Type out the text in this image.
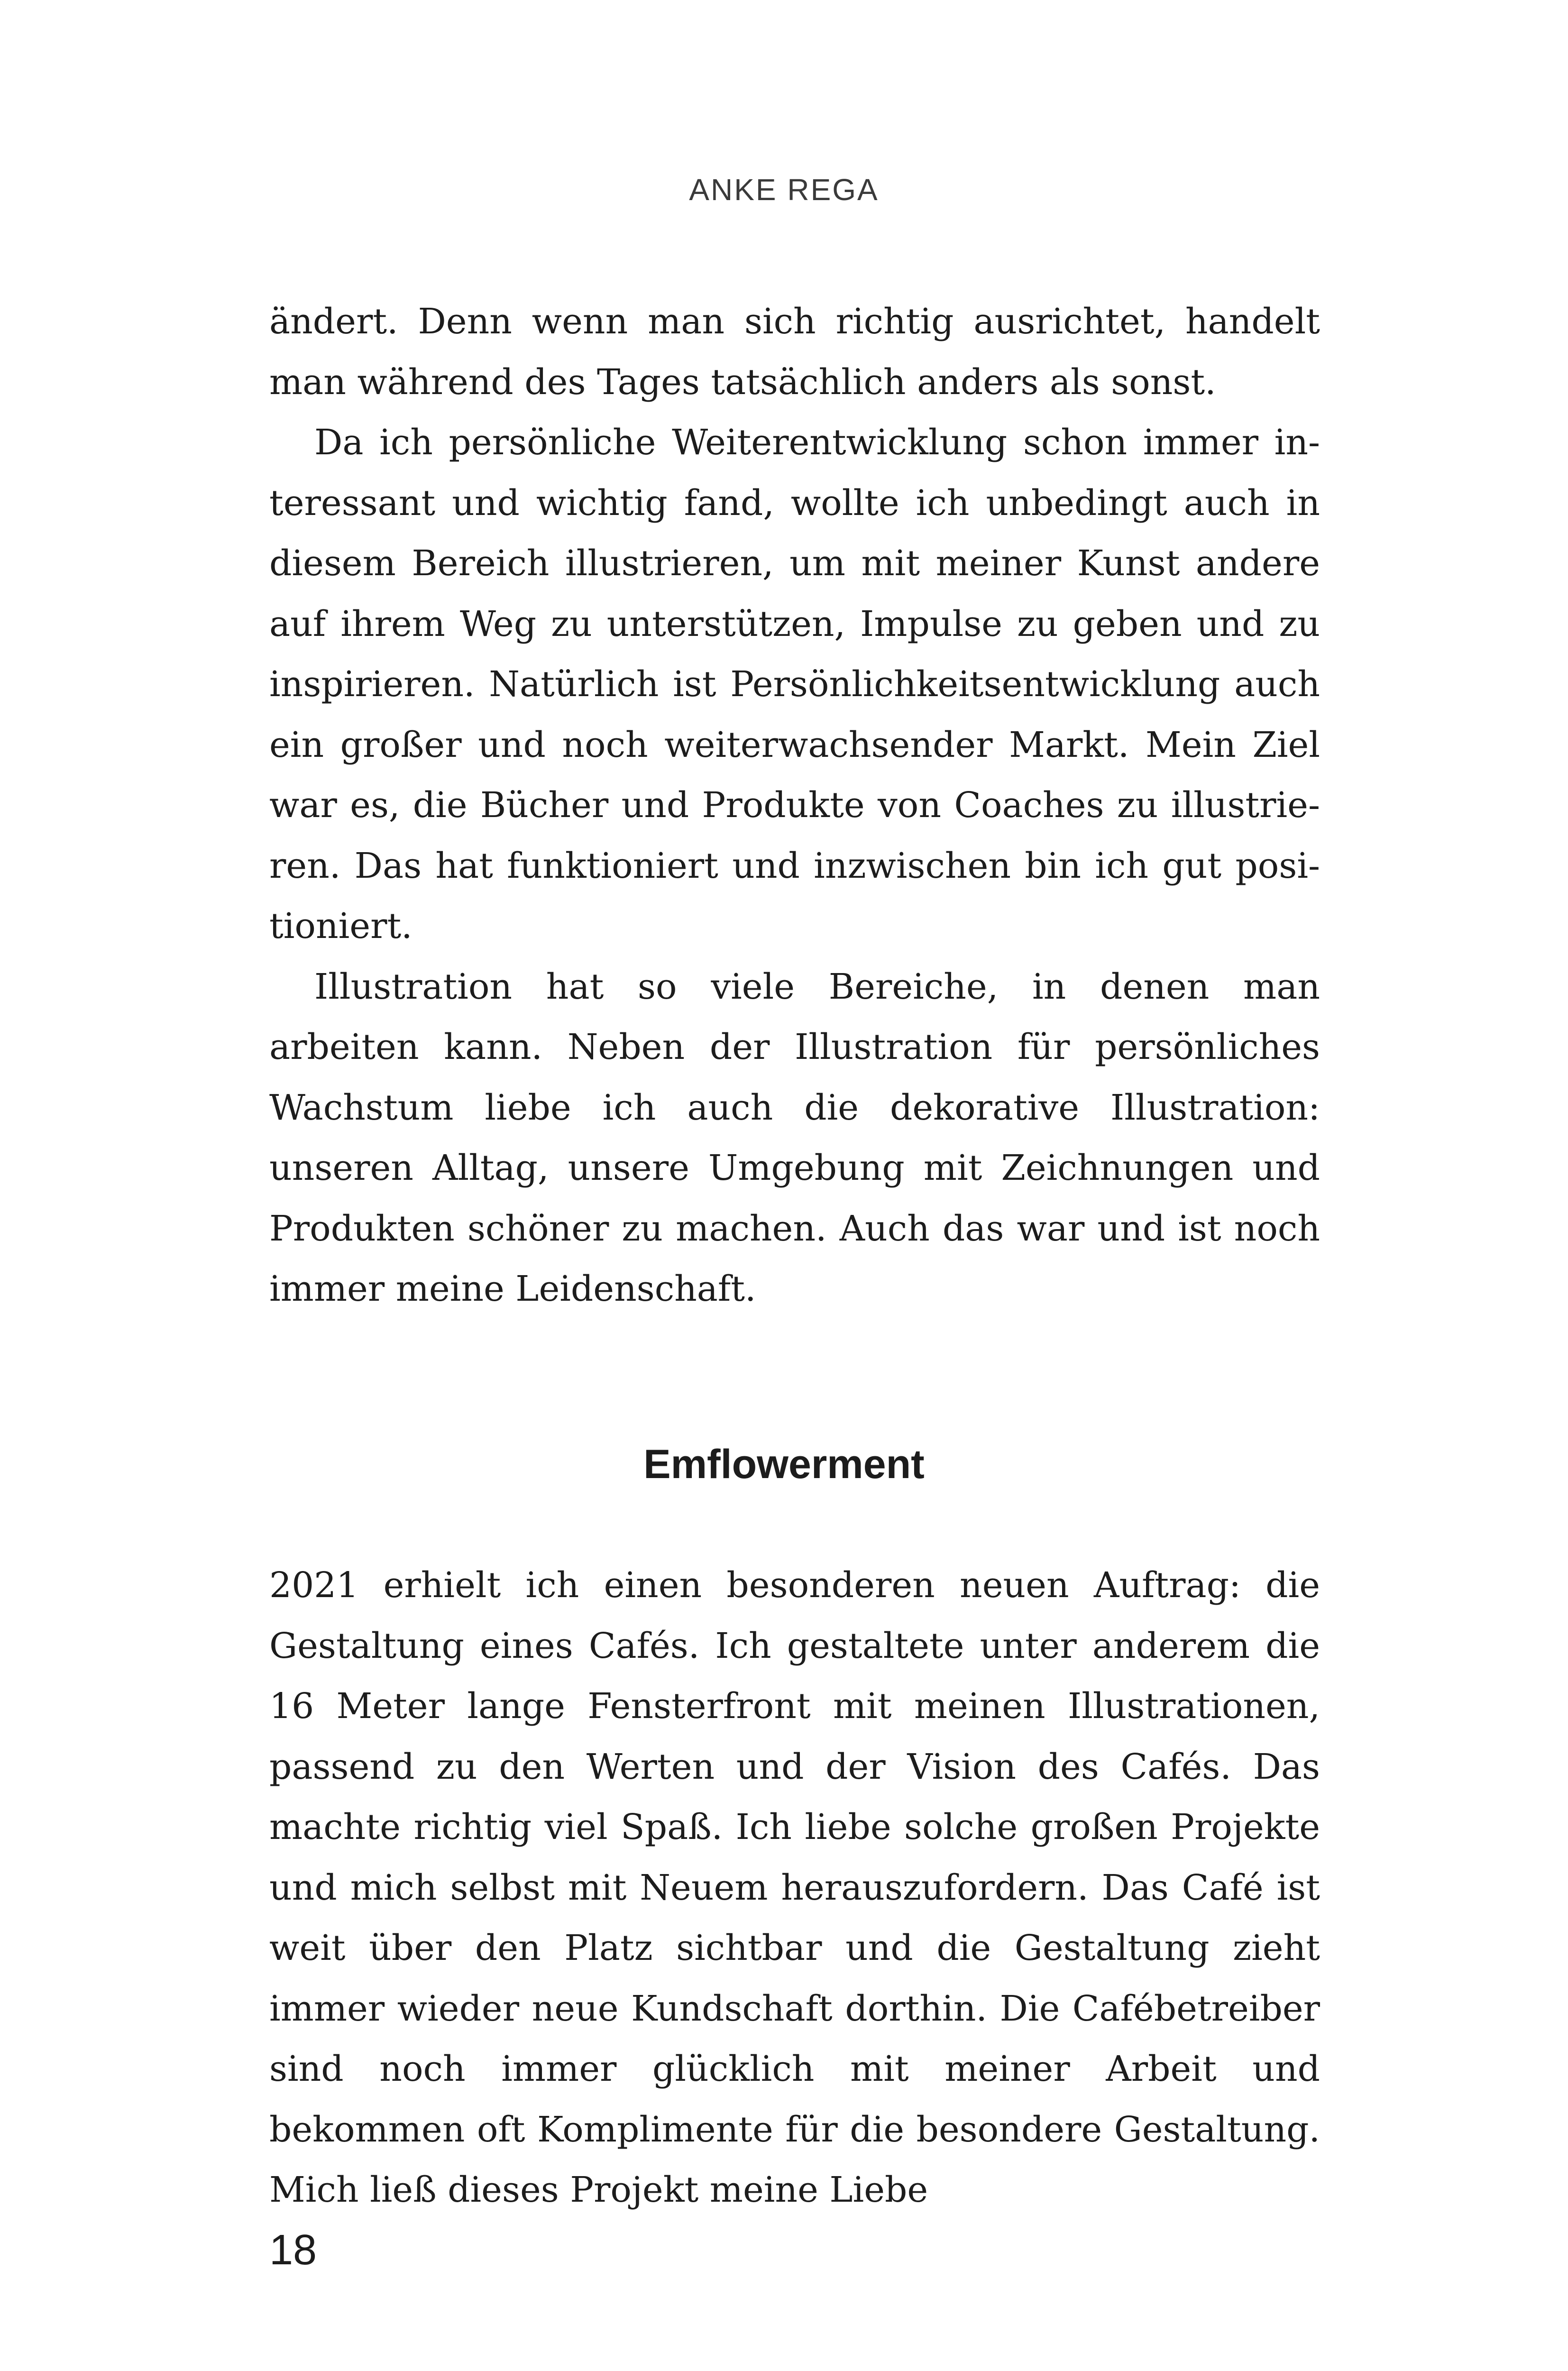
ANKE REGA

ändert. Denn wenn man sich richtig ausrichtet, handelt man während des Tages tatsächlich anders als sonst.

Da ich persönliche Weiterentwicklung schon immer interessant und wichtig fand, wollte ich unbedingt auch in diesem Bereich illustrieren, um mit meiner Kunst andere auf ihrem Weg zu unterstützen, Impulse zu geben und zu inspirieren. Natürlich ist Persönlichkeitsentwicklung auch ein großer und noch weiterwachsender Markt. Mein Ziel war es, die Bücher und Produkte von Coaches zu illustrieren. Das hat funktioniert und inzwischen bin ich gut positioniert.

Illustration hat so viele Bereiche, in denen man arbeiten kann. Neben der Illustration für persönliches Wachstum liebe ich auch die dekorative Illustration: unseren Alltag, unsere Umgebung mit Zeichnungen und Produkten schöner zu machen. Auch das war und ist noch immer meine Leidenschaft.

Emflowerment

2021 erhielt ich einen besonderen neuen Auftrag: die Gestaltung eines Cafés. Ich gestaltete unter anderem die 16 Meter lange Fensterfront mit meinen Illustrationen, passend zu den Werten und der Vision des Cafés. Das machte richtig viel Spaß. Ich liebe solche großen Projekte und mich selbst mit Neuem herauszufordern. Das Café ist weit über den Platz sichtbar und die Gestaltung zieht immer wieder neue Kundschaft dorthin. Die Cafébetreiber sind noch immer glücklich mit meiner Arbeit und bekommen oft Komplimente für die besondere Gestaltung. Mich ließ dieses Projekt meine Liebe

18
